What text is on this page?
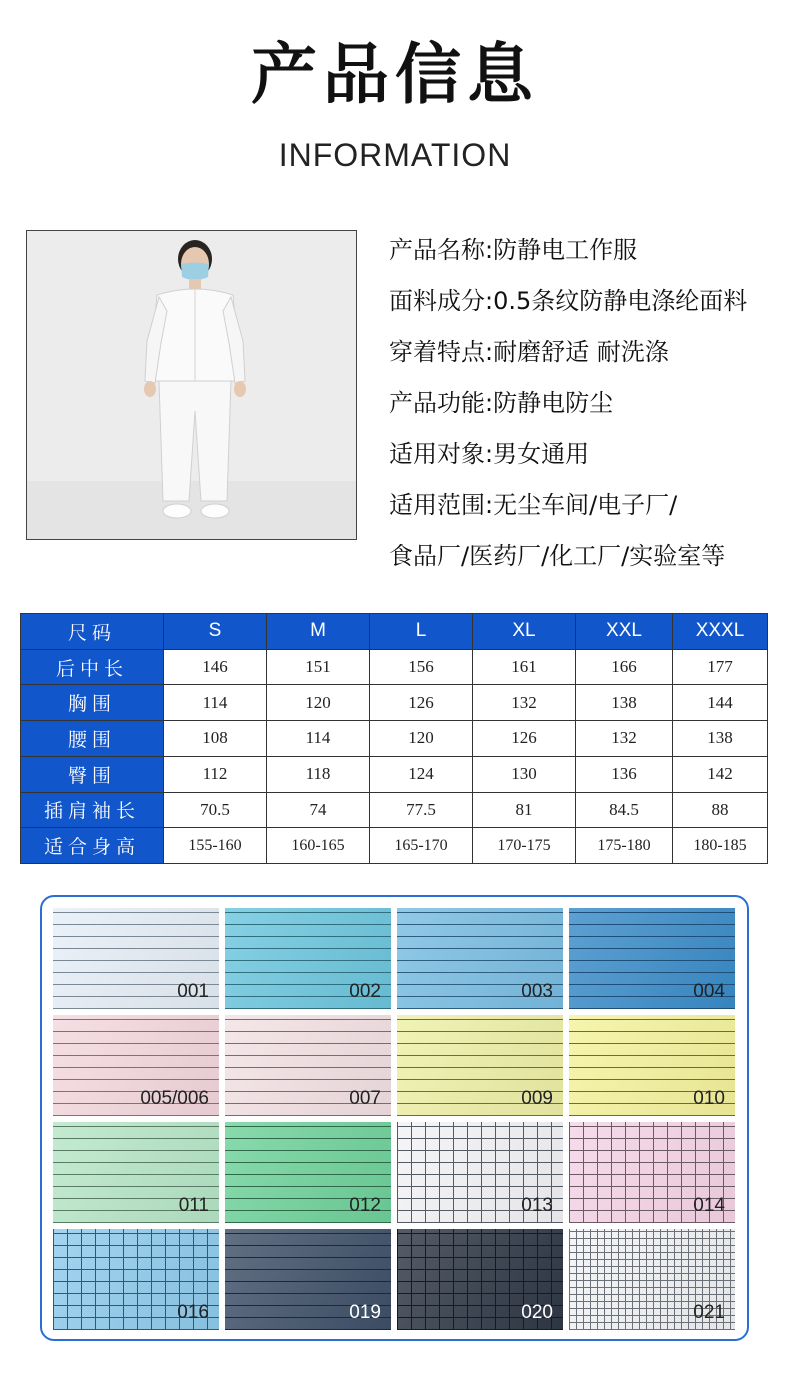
产品信息
INFORMATION
产品名称:防静电工作服
面料成分:0.5条纹防静电涤纶面料
穿着特点:耐磨舒适 耐洗涤
产品功能:防静电防尘
适用对象:男女通用
适用范围:无尘车间/电子厂/
食品厂/医药厂/化工厂/实验室等
尺码	S	M	L	XL	XXL	XXXL
后中长	146	151	156	161	166	177
胸围	114	120	126	132	138	144
腰围	108	114	120	126	132	138
臀围	112	118	124	130	136	142
插肩袖长	70.5	74	77.5	81	84.5	88
适合身高	155-160	160-165	165-170	170-175	175-180	180-185
001	002	003	004
005/006	007	009	010
011	012	013	014
016	019	020	021
